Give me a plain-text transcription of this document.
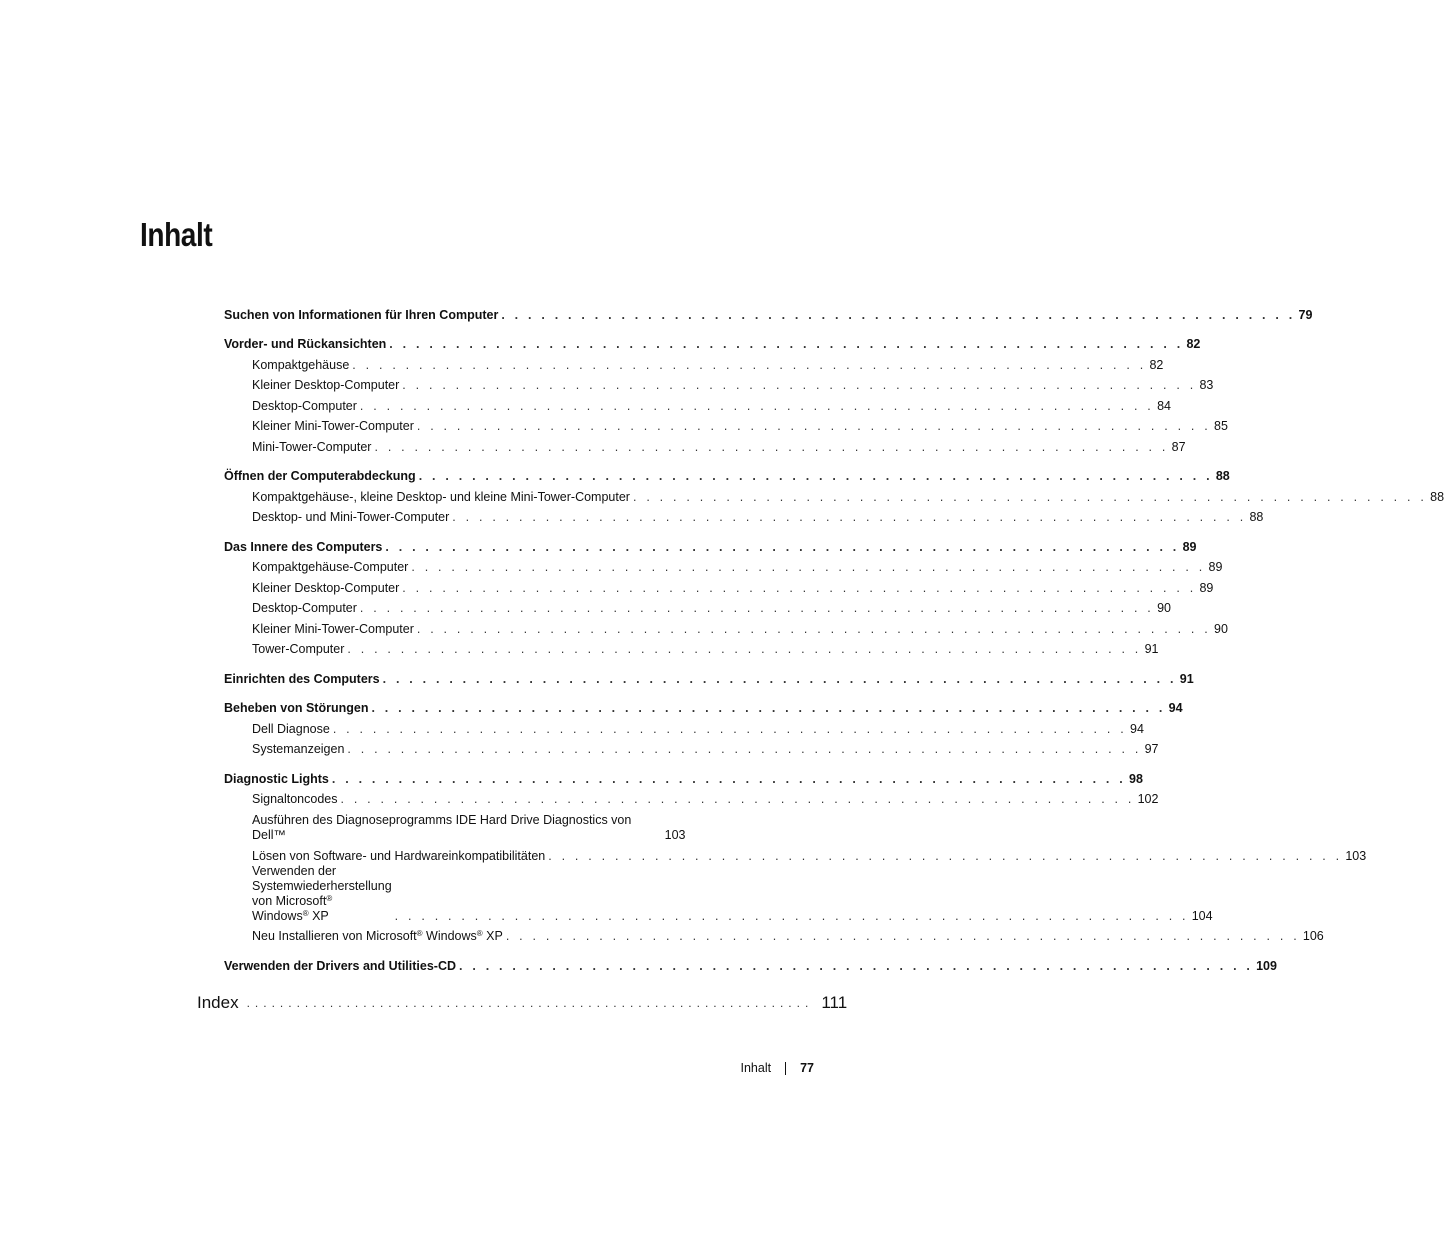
Inhalt
Suchen von Informationen für Ihren Computer . . . . . . . . . . . . . . . . . . . . . . . . . . . . . . . . . . . . . . . . . . . . . . . . . . . . . . . . . . . . 79
Vorder- und Rückansichten . . . . . . . . . . . . . . . . . . . . . . . . . . . . . . . . . . . . . . . . . . . . . . . . . . . . . . . . . . . . 82
Kompaktgehäuse . . . . . . . . . . . . . . . . . . . . . . . . . . . . . . . . . . . . . . . . . . . . . . . . . . . . . . . . . . . . 82
Kleiner Desktop-Computer . . . . . . . . . . . . . . . . . . . . . . . . . . . . . . . . . . . . . . . . . . . . . . . . . . . . . . . . . . . . 83
Desktop-Computer . . . . . . . . . . . . . . . . . . . . . . . . . . . . . . . . . . . . . . . . . . . . . . . . . . . . . . . . . . . . 84
Kleiner Mini-Tower-Computer . . . . . . . . . . . . . . . . . . . . . . . . . . . . . . . . . . . . . . . . . . . . . . . . . . . . . . . . . . . . 85
Mini-Tower-Computer . . . . . . . . . . . . . . . . . . . . . . . . . . . . . . . . . . . . . . . . . . . . . . . . . . . . . . . . . . . . 87
Öffnen der Computerabdeckung . . . . . . . . . . . . . . . . . . . . . . . . . . . . . . . . . . . . . . . . . . . . . . . . . . . . . . . . . . . . 88
Kompaktgehäuse-, kleine Desktop- und kleine Mini-Tower-Computer . . . . . . . . . . . . . . . . . . . . . . . . . . . . . . . . . . . . . . . . . . . . . . . . . . . . . . . . . . . . 88
Desktop- und Mini-Tower-Computer . . . . . . . . . . . . . . . . . . . . . . . . . . . . . . . . . . . . . . . . . . . . . . . . . . . . . . . . . . . . 88
Das Innere des Computers . . . . . . . . . . . . . . . . . . . . . . . . . . . . . . . . . . . . . . . . . . . . . . . . . . . . . . . . . . . . 89
Kompaktgehäuse-Computer . . . . . . . . . . . . . . . . . . . . . . . . . . . . . . . . . . . . . . . . . . . . . . . . . . . . . . . . . . . . 89
Kleiner Desktop-Computer . . . . . . . . . . . . . . . . . . . . . . . . . . . . . . . . . . . . . . . . . . . . . . . . . . . . . . . . . . . . 89
Desktop-Computer . . . . . . . . . . . . . . . . . . . . . . . . . . . . . . . . . . . . . . . . . . . . . . . . . . . . . . . . . . . . 90
Kleiner Mini-Tower-Computer . . . . . . . . . . . . . . . . . . . . . . . . . . . . . . . . . . . . . . . . . . . . . . . . . . . . . . . . . . . . 90
Tower-Computer . . . . . . . . . . . . . . . . . . . . . . . . . . . . . . . . . . . . . . . . . . . . . . . . . . . . . . . . . . . . 91
Einrichten des Computers . . . . . . . . . . . . . . . . . . . . . . . . . . . . . . . . . . . . . . . . . . . . . . . . . . . . . . . . . . . . 91
Beheben von Störungen . . . . . . . . . . . . . . . . . . . . . . . . . . . . . . . . . . . . . . . . . . . . . . . . . . . . . . . . . . . . 94
Dell Diagnose . . . . . . . . . . . . . . . . . . . . . . . . . . . . . . . . . . . . . . . . . . . . . . . . . . . . . . . . . . . . 94
Systemanzeigen . . . . . . . . . . . . . . . . . . . . . . . . . . . . . . . . . . . . . . . . . . . . . . . . . . . . . . . . . . . . 97
Diagnostic Lights . . . . . . . . . . . . . . . . . . . . . . . . . . . . . . . . . . . . . . . . . . . . . . . . . . . . . . . . . . . . 98
Signaltoncodes . . . . . . . . . . . . . . . . . . . . . . . . . . . . . . . . . . . . . . . . . . . . . . . . . . . . . . . . . . . . 102
Ausführen des Diagnoseprogramms IDE Hard Drive Diagnostics von Dell™	103
Lösen von Software- und Hardwareinkompatibilitäten . . . . . . . . . . . . . . . . . . . . . . . . . . . . . . . . . . . . . . . . . . . . . . . . . . . . . . . . . . . . 103
Verwenden der Systemwiederherstellung von Microsoft® Windows® XP	. . . . . . . . . . . . . . . . . . . . . . . . . . . . . . . . . . . . . . . . . . . . . . . . . . . . . . . . . . . . 104
Neu Installieren von Microsoft® Windows® XP . . . . . . . . . . . . . . . . . . . . . . . . . . . . . . . . . . . . . . . . . . . . . . . . . . . . . . . . . . . . 106
Verwenden der Drivers and Utilities-CD . . . . . . . . . . . . . . . . . . . . . . . . . . . . . . . . . . . . . . . . . . . . . . . . . . . . . . . . . . . . 109
Index .................................................................... 111
Inhalt 77
